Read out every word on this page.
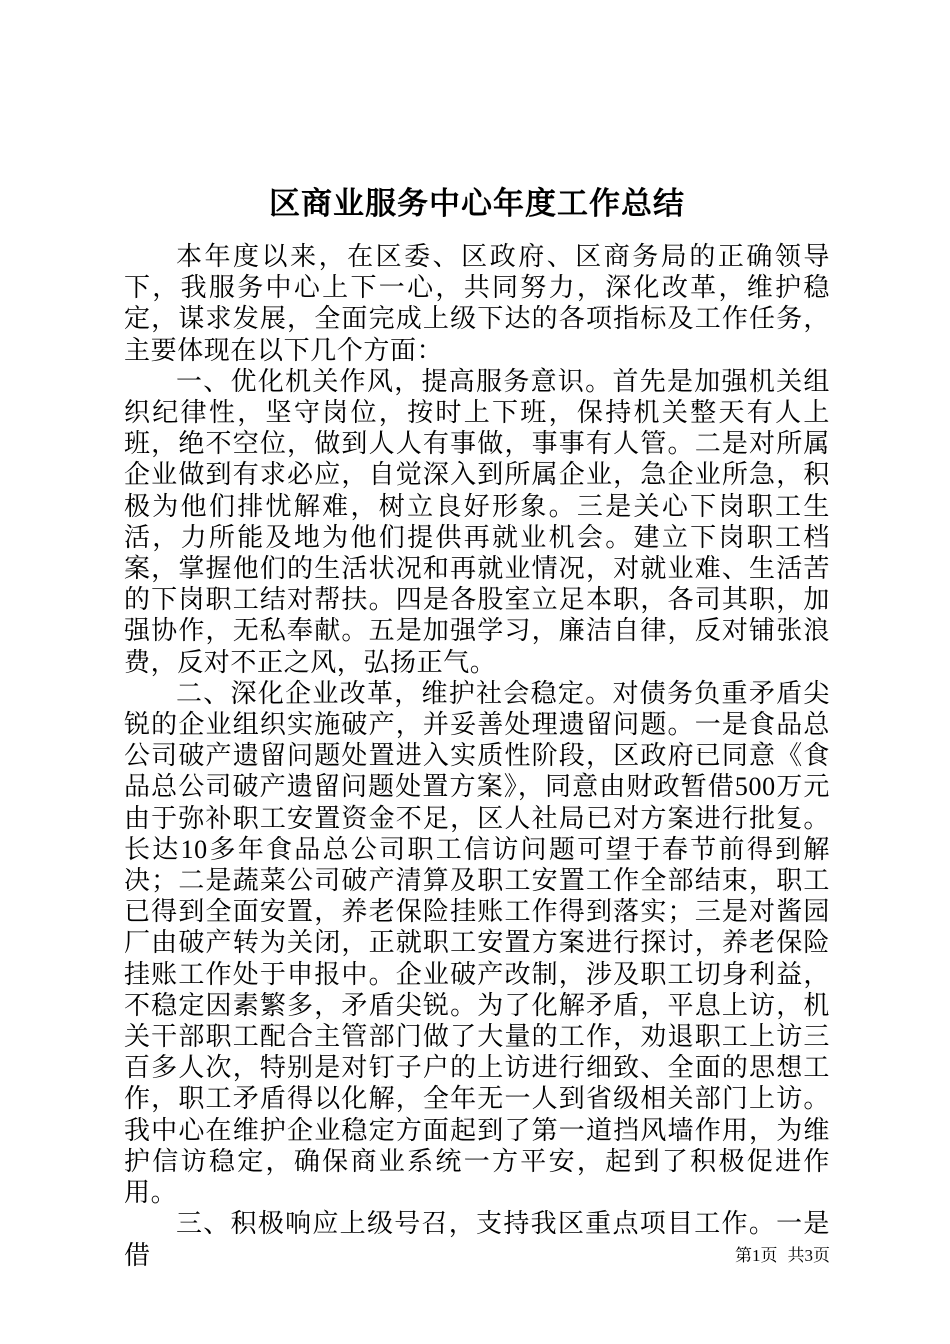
区商业服务中心年度工作总结

本年度以来，在区委、区政府、区商务局的正确领导下，我服务中心上下一心，共同努力，深化改革，维护稳定，谋求发展，全面完成上级下达的各项指标及工作任务，主要体现在以下几个方面：

一、优化机关作风，提高服务意识。首先是加强机关组织纪律性，坚守岗位，按时上下班，保持机关整天有人上班，绝不空位，做到人人有事做，事事有人管。二是对所属企业做到有求必应，自觉深入到所属企业，急企业所急，积极为他们排忧解难，树立良好形象。三是关心下岗职工生活，力所能及地为他们提供再就业机会。建立下岗职工档案，掌握他们的生活状况和再就业情况，对就业难、生活苦的下岗职工结对帮扶。四是各股室立足本职，各司其职，加强协作，无私奉献。五是加强学习，廉洁自律，反对铺张浪费，反对不正之风，弘扬正气。

二、深化企业改革，维护社会稳定。对债务负重矛盾尖锐的企业组织实施破产，并妥善处理遗留问题。一是食品总公司破产遗留问题处置进入实质性阶段，区政府已同意《食品总公司破产遗留问题处置方案》，同意由财政暂借500万元由于弥补职工安置资金不足，区人社局已对方案进行批复。长达10多年食品总公司职工信访问题可望于春节前得到解决；二是蔬菜公司破产清算及职工安置工作全部结束，职工已得到全面安置，养老保险挂账工作得到落实；三是对酱园厂由破产转为关闭，正就职工安置方案进行探讨，养老保险挂账工作处于申报中。企业破产改制，涉及职工切身利益，不稳定因素繁多，矛盾尖锐。为了化解矛盾，平息上访，机关干部职工配合主管部门做了大量的工作，劝退职工上访三百多人次，特别是对钉子户的上访进行细致、全面的思想工作，职工矛盾得以化解，全年无一人到省级相关部门上访。我中心在维护企业稳定方面起到了第一道挡风墙作用，为维护信访稳定，确保商业系统一方平安，起到了积极促进作用。

三、积极响应上级号召，支持我区重点项目工作。一是借	第1页 共3页
